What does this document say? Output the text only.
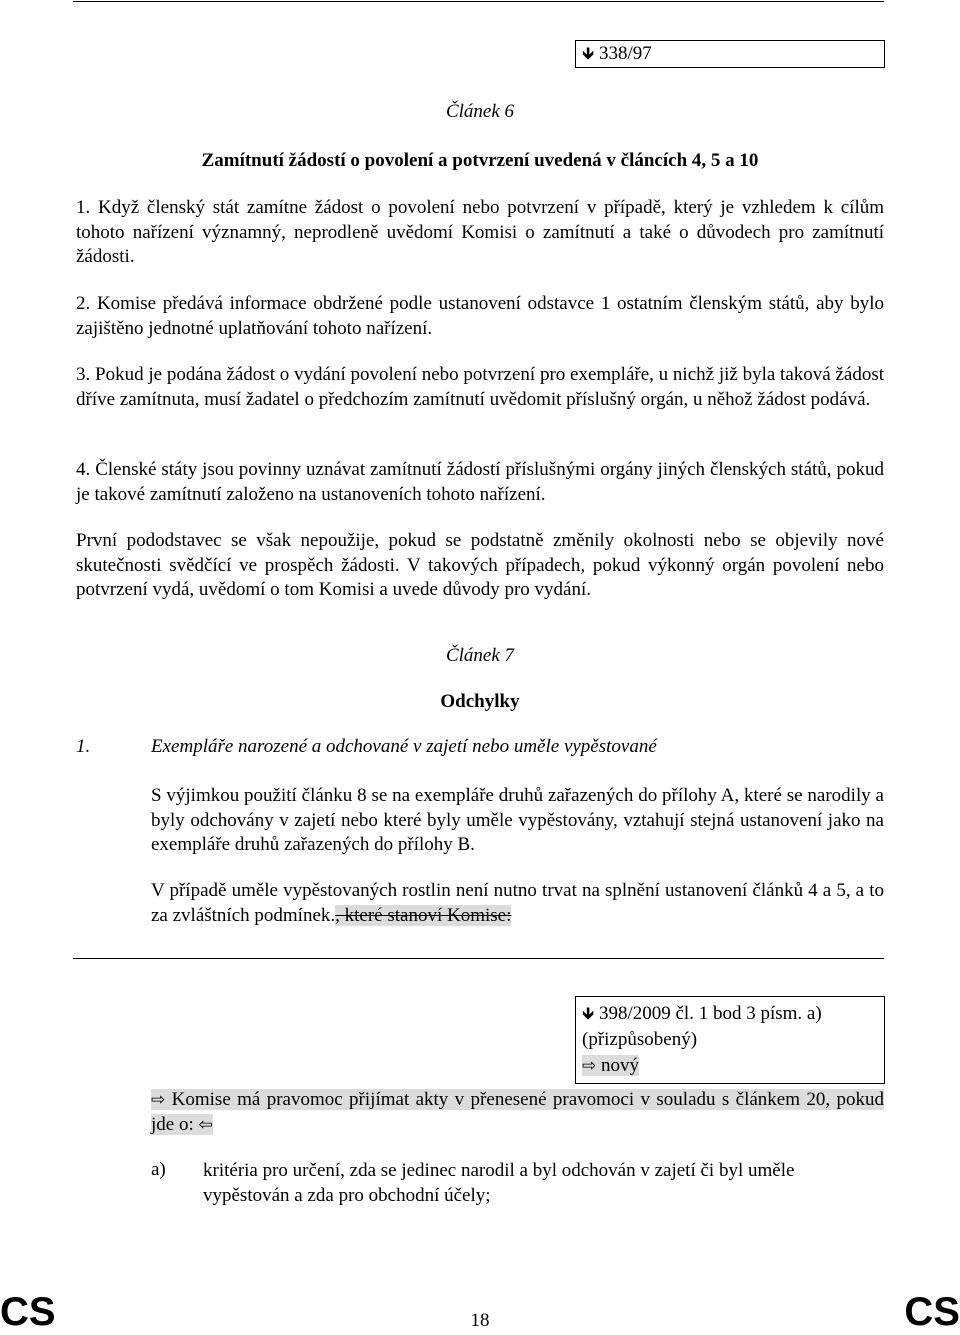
🡻 338/97
Článek 6
Zamítnutí žádostí o povolení a potvrzení uvedená v článcích 4, 5 a 10
1. Když členský stát zamítne žádost o povolení nebo potvrzení v případě, který je vzhledem k cílům tohoto nařízení významný, neprodleně uvědomí Komisi o zamítnutí a také o důvodech pro zamítnutí žádosti.
2. Komise předává informace obdržené podle ustanovení odstavce 1 ostatním členským států, aby bylo zajištěno jednotné uplatňování tohoto nařízení.
3. Pokud je podána žádost o vydání povolení nebo potvrzení pro exempláře, u nichž již byla taková žádost dříve zamítnuta, musí žadatel o předchozím zamítnutí uvědomit příslušný orgán, u něhož žádost podává.
4. Členské státy jsou povinny uznávat zamítnutí žádostí příslušnými orgány jiných členských států, pokud je takové zamítnutí založeno na ustanoveních tohoto nařízení.
První pododstavec se však nepoužije, pokud se podstatně změnily okolnosti nebo se objevily nové skutečnosti svědčící ve prospěch žádosti. V takových případech, pokud výkonný orgán povolení nebo potvrzení vydá, uvědomí o tom Komisi a uvede důvody pro vydání.
Článek 7
Odchylky
1.	Exempláře narozené a odchované v zajetí nebo uměle vypěstované
S výjimkou použití článku 8 se na exempláře druhů zařazených do přílohy A, které se narodily a byly odchovány v zajetí nebo které byly uměle vypěstovány, vztahují stejná ustanovení jako na exempláře druhů zařazených do přílohy B.
V případě uměle vypěstovaných rostlin není nutno trvat na splnění ustanovení článků 4 a 5, a to za zvláštních podmínek., které stanoví Komise:
🡻 398/2009 čl. 1 bod 3 písm. a)
(přizpůsobený)
⇨ nový
⇨ Komise má pravomoc přijímat akty v přenesené pravomoci v souladu s článkem 20, pokud jde o: ⇦
a)	kritéria pro určení, zda se jedinec narodil a byl odchován v zajetí či byl uměle vypěstován a zda pro obchodní účely;
CS	18	CS
